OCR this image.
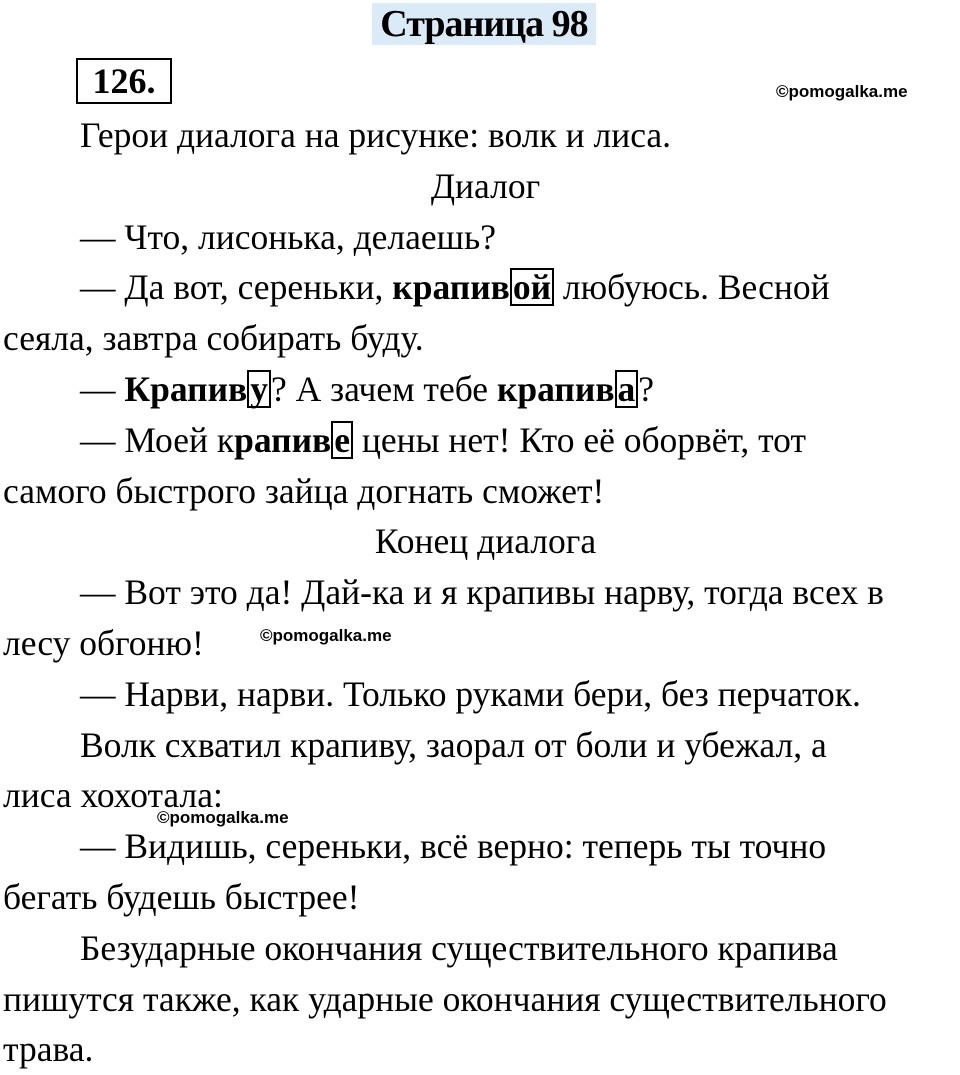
Страница 98
126.	©pomogalka.me
©pomogalka.me
©pomogalka.me
Герои диалога на рисунке: волк и лиса.
Диалог
— Что, лисонька, делаешь?
— Да вот, сереньки, крапивой любуюсь. Весной
сеяла, завтра собирать буду.
— Крапиву? А зачем тебе крапива?
— Моей крапиве цены нет! Кто её оборвёт, тот
самого быстрого зайца догнать сможет!
Конец диалога
— Вот это да! Дай-ка и я крапивы нарву, тогда всех в
лесу обгоню!
— Нарви, нарви. Только руками бери, без перчаток.
Волк схватил крапиву, заорал от боли и убежал, а
лиса хохотала:
— Видишь, сереньки, всё верно: теперь ты точно
бегать будешь быстрее!
Безударные окончания существительного крапива
пишутся также, как ударные окончания существительного
трава.
